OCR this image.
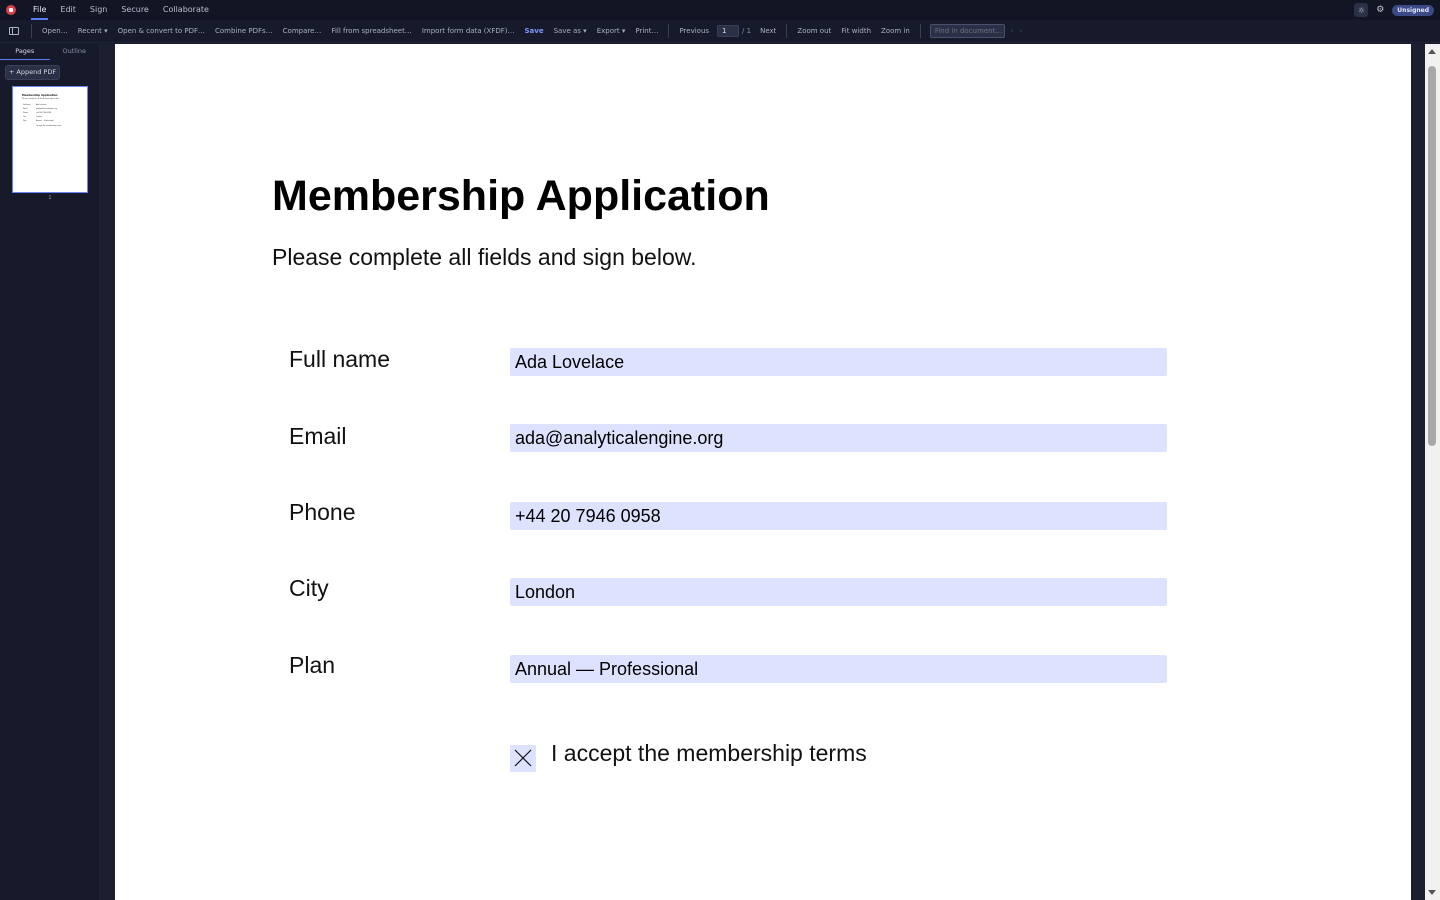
File	Edit	Sign	Secure	Collaborate	☼ ⚙	Unsigned
Open…	Recent ▾	Open & convert to PDF…	Combine PDFs…	Compare…	Fill from spreadsheet…	Import form data (XFDF)…	Save	Save as ▾	Export ▾	Print…	Previous	1	/ 1	Next	Zoom out	Fit width	Zoom in	Find in document…	‹ ›
Pages	Outline
+ Append PDF
Membership Application
Please complete all fields and sign below.
Full name	Ada Lovelace
Email	ada@analyticalengine.org
Phone	+44 20 7946 0958
City	London
Plan	Annual — Professional
I accept the membership terms
1	Membership Application
Please complete all fields and sign below.
Full name	Ada Lovelace
Email	ada@analyticalengine.org
Phone	+44 20 7946 0958
City	London
Plan	Annual — Professional
I accept the membership terms
